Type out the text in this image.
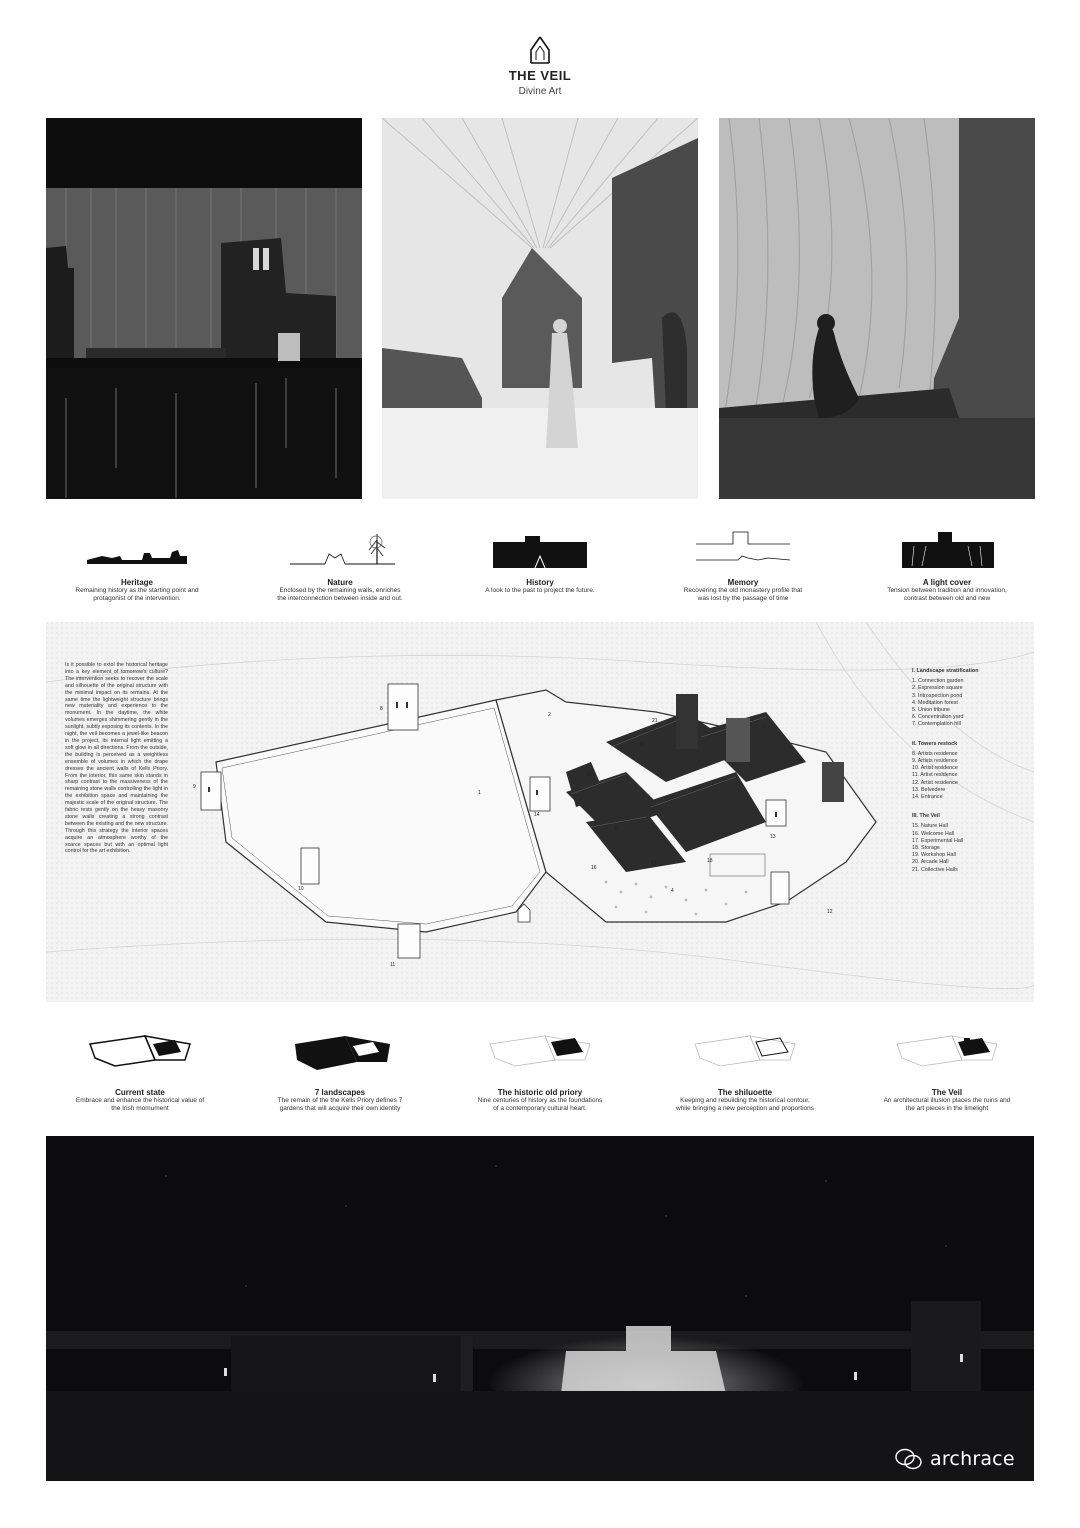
THE VEIL
Divine Art
Heritage
Remaining history as the starting point and
protagonist of the intervention.
Nature
Enclosed by the remaining walls, enriches
the interconnection between inside and out.
History
A look to the past to project the future.
Memory
Recovering the old monastery profile that
was lost by the passage of time
A light cover
Tension between tradition and innovation,
contrast between old and new
8
9
10
11
12
1
2
3
4
5
7
13
14
15
16
17	18
19
20
21
Is it possible to extol the historical heritage into a key element of tomorrow's culture? The intervention seeks to recover the scale and silhouette of the original structure with the minimal impact on its remains. At the same time the lightweight structure brings new materiality and experience to the monument. In the daytime, the white volumes emerges shimmering gently in the sunlight, subtly exposing its contents. In the night, the veil becomes a jewel-like beacon in the project, its internal light emitting a soft glow in all directions. From the outside, the building is perceived as a weightless ensemble of volumes in which the drape dresses the ancient walls of Kells Priory. From the interior, this same skin stands in sharp contrast to the massiveness of the remaining stone walls controlling the light in the exhibition space and maintaining the majestic scale of the original structure. The fabric rests gently on the heavy masonry stone walls creating a strong contrast between the existing and the new structure. Through this strategy the interior spaces acquire an atmosphere worthy of the scarce spaces but with an optimal light control for the art exhibition.
I. Landscape stratification
1. Connection garden
2. Expression square
3. Introspection pond
4. Meditation forest
5. Union tribune
6. Concentration yard
7. Contemplation hill
II. Towers restock
8. Artists residence
9. Artists residence
10. Artist residence
11. Artist residence
12. Artist residence
13. Belvedere
14. Entrance
III. The Veil
15. Nature Hall
16. Welcome Hall
17. Experimental Hall
18. Storage
19. Workshop Hall
20. Arcade Hall
21. Collective Halls
Current state
Embrace and enhance the historical value of
the Irish momument
7 landscapes
The remain of the the Kells Priory defines 7
gardens that will acquire their own identity
The historic old priory
Nine centuries of history as the foundations
of a contemporary cultural heart.
The shiluoette
Keeping and rebuilding the historical contour,
while bringing a new perception and proportions
The Veil
An architectural illusion places the ruins and
the art pieces in the limelight
archrace
